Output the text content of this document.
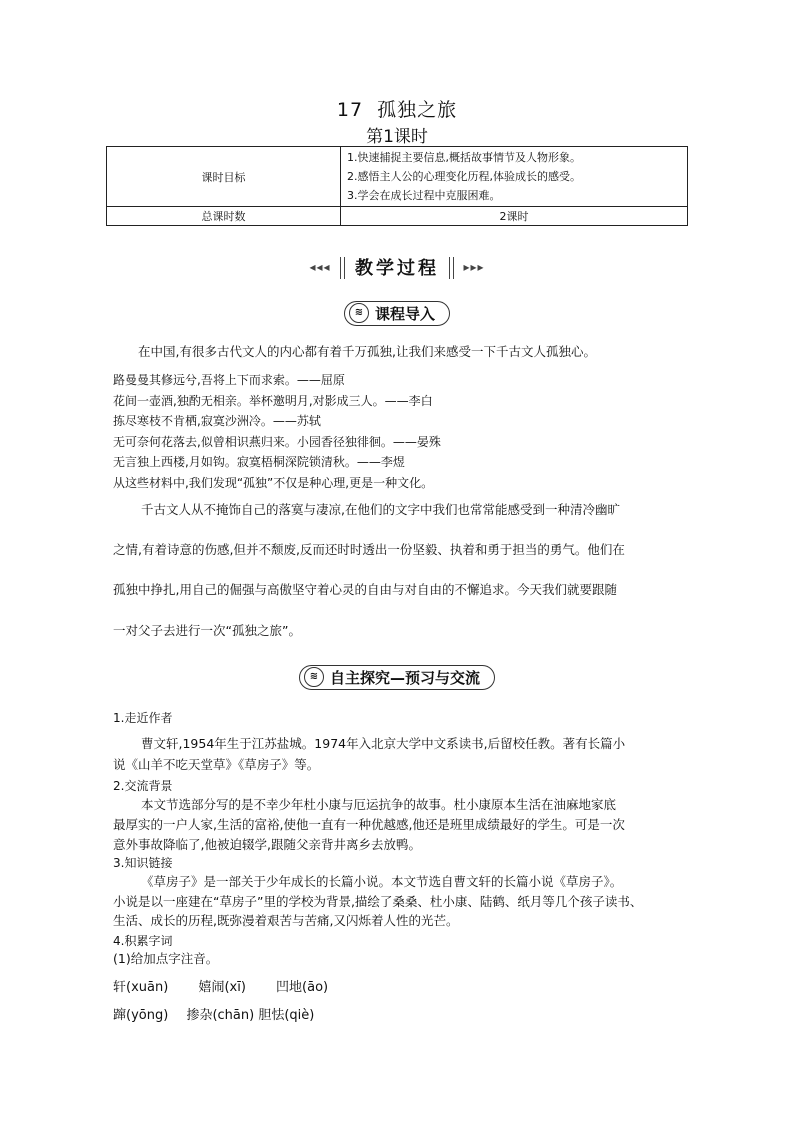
17 孤独之旅
第1课时
课时目标	1.快速捕捉主要信息,概括故事情节及人物形象。
2.感悟主人公的心理变化历程,体验成长的感受。
3.学会在成长过程中克服困难。

总课时数	2课时
◂◂◂ 教学过程 ▸▸▸
≋ 课程导入
在中国,有很多古代文人的内心都有着千万孤独,让我们来感受一下千古文人孤独心。
路曼曼其修远兮,吾将上下而求索。——屈原
花间一壶酒,独酌无相亲。举杯邀明月,对影成三人。——李白
拣尽寒枝不肯栖,寂寞沙洲冷。——苏轼
无可奈何花落去,似曾相识燕归来。小园香径独徘徊。——晏殊
无言独上西楼,月如钩。寂寞梧桐深院锁清秋。——李煜
从这些材料中,我们发现“孤独”不仅是种心理,更是一种文化。
千古文人从不掩饰自己的落寞与凄凉,在他们的文字中我们也常常能感受到一种清冷幽旷
之情,有着诗意的伤感,但并不颓废,反而还时时透出一份坚毅、执着和勇于担当的勇气。他们在
孤独中挣扎,用自己的倔强与高傲坚守着心灵的自由与对自由的不懈追求。今天我们就要跟随
一对父子去进行一次“孤独之旅”。
≋ 自主探究—预习与交流
1.走近作者
曹文轩,1954年生于江苏盐城。1974年入北京大学中文系读书,后留校任教。著有长篇小
说《山羊不吃天堂草》《草房子》等。
2.交流背景
本文节选部分写的是不幸少年杜小康与厄运抗争的故事。杜小康原本生活在油麻地家底
最厚实的一户人家,生活的富裕,使他一直有一种优越感,他还是班里成绩最好的学生。可是一次
意外事故降临了,他被迫辍学,跟随父亲背井离乡去放鸭。
3.知识链接
《草房子》是一部关于少年成长的长篇小说。本文节选自曹文轩的长篇小说《草房子》。
小说是以一座建在“草房子”里的学校为背景,描绘了桑桑、杜小康、陆鹤、纸月等几个孩子读书、
生活、成长的历程,既弥漫着艰苦与苦痛,又闪烁着人性的光芒。
4.积累字词
(1)给加点字注音。
轩(xuān) 嬉闹(xī) 凹地(āo)
蹿(yōng) 掺杂(chān) 胆怯(qiè)
